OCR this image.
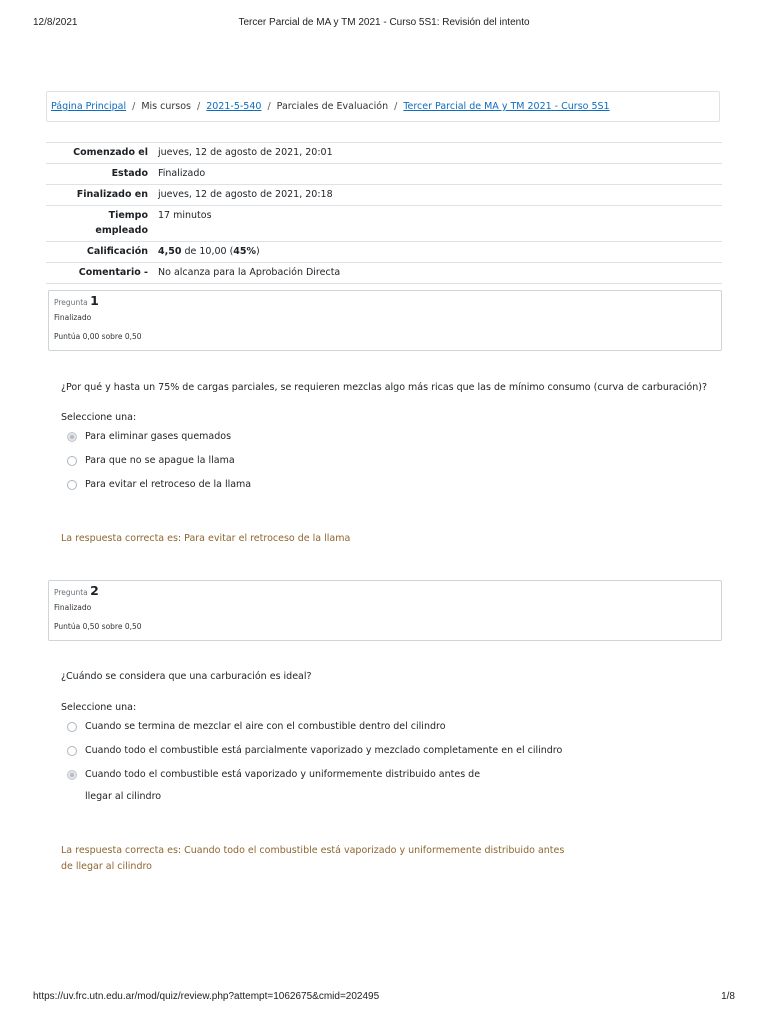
12/8/2021	Tercer Parcial de MA y TM 2021 - Curso 5S1: Revisión del intento
Página Principal / Mis cursos / 2021-5-540 / Parciales de Evaluación / Tercer Parcial de MA y TM 2021 - Curso 5S1
Comenzado el	jueves, 12 de agosto de 2021, 20:01
Estado	Finalizado
Finalizado en	jueves, 12 de agosto de 2021, 20:18
Tiempo
empleado	17 minutos
Calificación	4,50 de 10,00 (45%)
Comentario -	No alcanza para la Aprobación Directa
Pregunta 1
Finalizado
Puntúa 0,00 sobre 0,50
¿Por qué y hasta un 75% de cargas parciales, se requieren mezclas algo más ricas que las de mínimo consumo (curva de carburación)?
Seleccione una:
Para eliminar gases quemados
Para que no se apague la llama
Para evitar el retroceso de la llama
La respuesta correcta es: Para evitar el retroceso de la llama
Pregunta 2
Finalizado
Puntúa 0,50 sobre 0,50
¿Cuándo se considera que una carburación es ideal?
Seleccione una:
Cuando se termina de mezclar el aire con el combustible dentro del cilindro
Cuando todo el combustible está parcialmente vaporizado y mezclado completamente en el cilindro
Cuando todo el combustible está vaporizado y uniformemente distribuido antes de llegar al cilindro
La respuesta correcta es: Cuando todo el combustible está vaporizado y uniformemente distribuido antes de llegar al cilindro
https://uv.frc.utn.edu.ar/mod/quiz/review.php?attempt=1062675&cmid=202495	1/8
